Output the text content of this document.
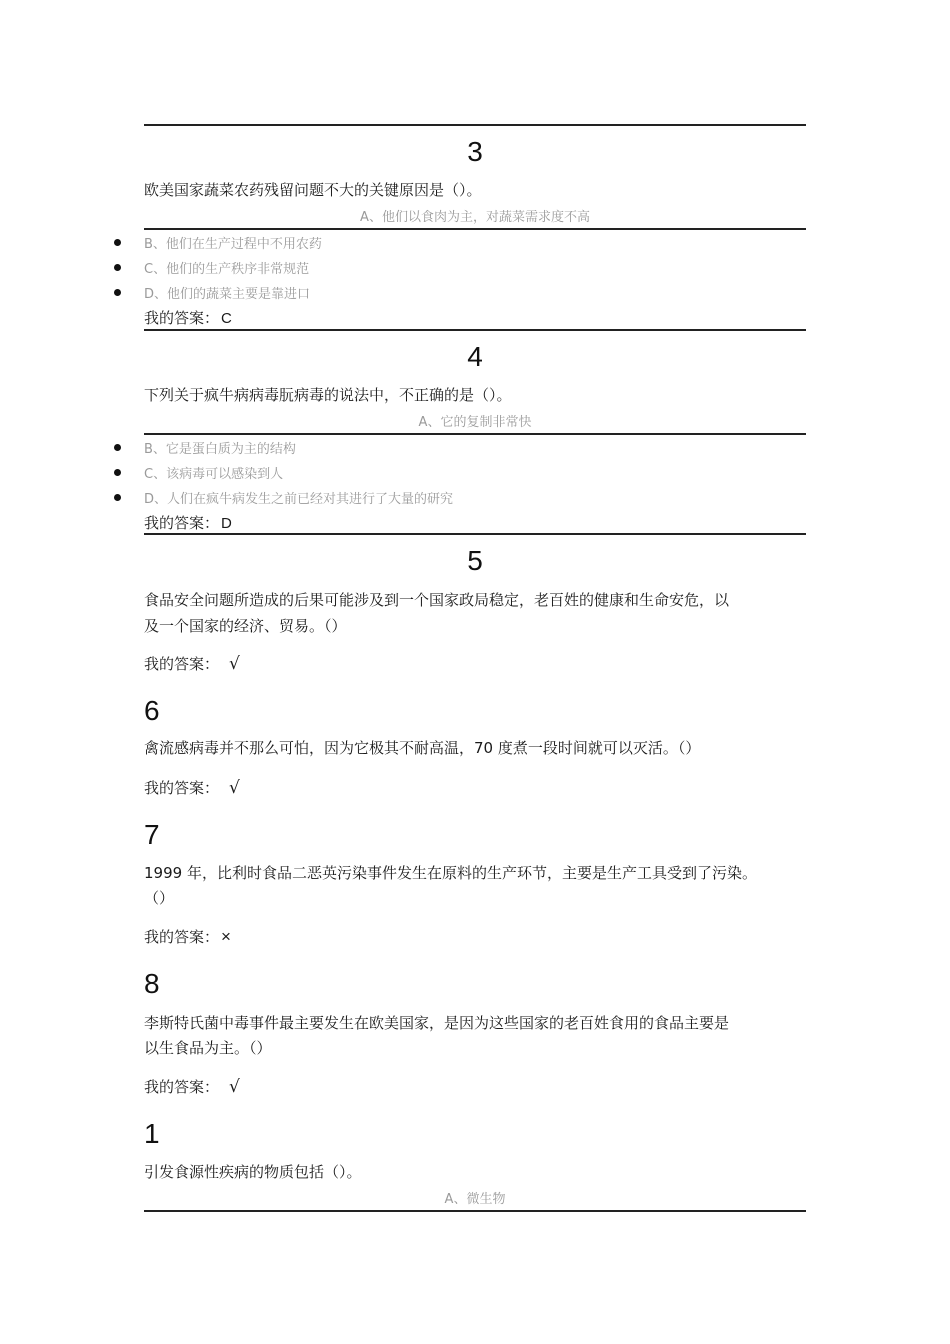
3
欧美国家蔬菜农药残留问题不大的关键原因是（）。
A、他们以食肉为主，对蔬菜需求度不高
B、他们在生产过程中不用农药
C、他们的生产秩序非常规范
D、他们的蔬菜主要是靠进口
我的答案： C
4
下列关于疯牛病病毒朊病毒的说法中，不正确的是（）。
A、它的复制非常快
B、它是蛋白质为主的结构
C、该病毒可以感染到人
D、人们在疯牛病发生之前已经对其进行了大量的研究
我的答案： D
5
食品安全问题所造成的后果可能涉及到一个国家政局稳定，老百姓的健康和生命安危，以
及一个国家的经济、贸易。（）
我的答案： √
6
禽流感病毒并不那么可怕，因为它极其不耐高温，70 度煮一段时间就可以灭活。（）
我的答案： √
7
1999 年，比利时食品二恶英污染事件发生在原料的生产环节，主要是生产工具受到了污染。
（）
我的答案： ×
8
李斯特氏菌中毒事件最主要发生在欧美国家，是因为这些国家的老百姓食用的食品主要是
以生食品为主。（）
我的答案： √
1
引发食源性疾病的物质包括（）。
A、微生物
